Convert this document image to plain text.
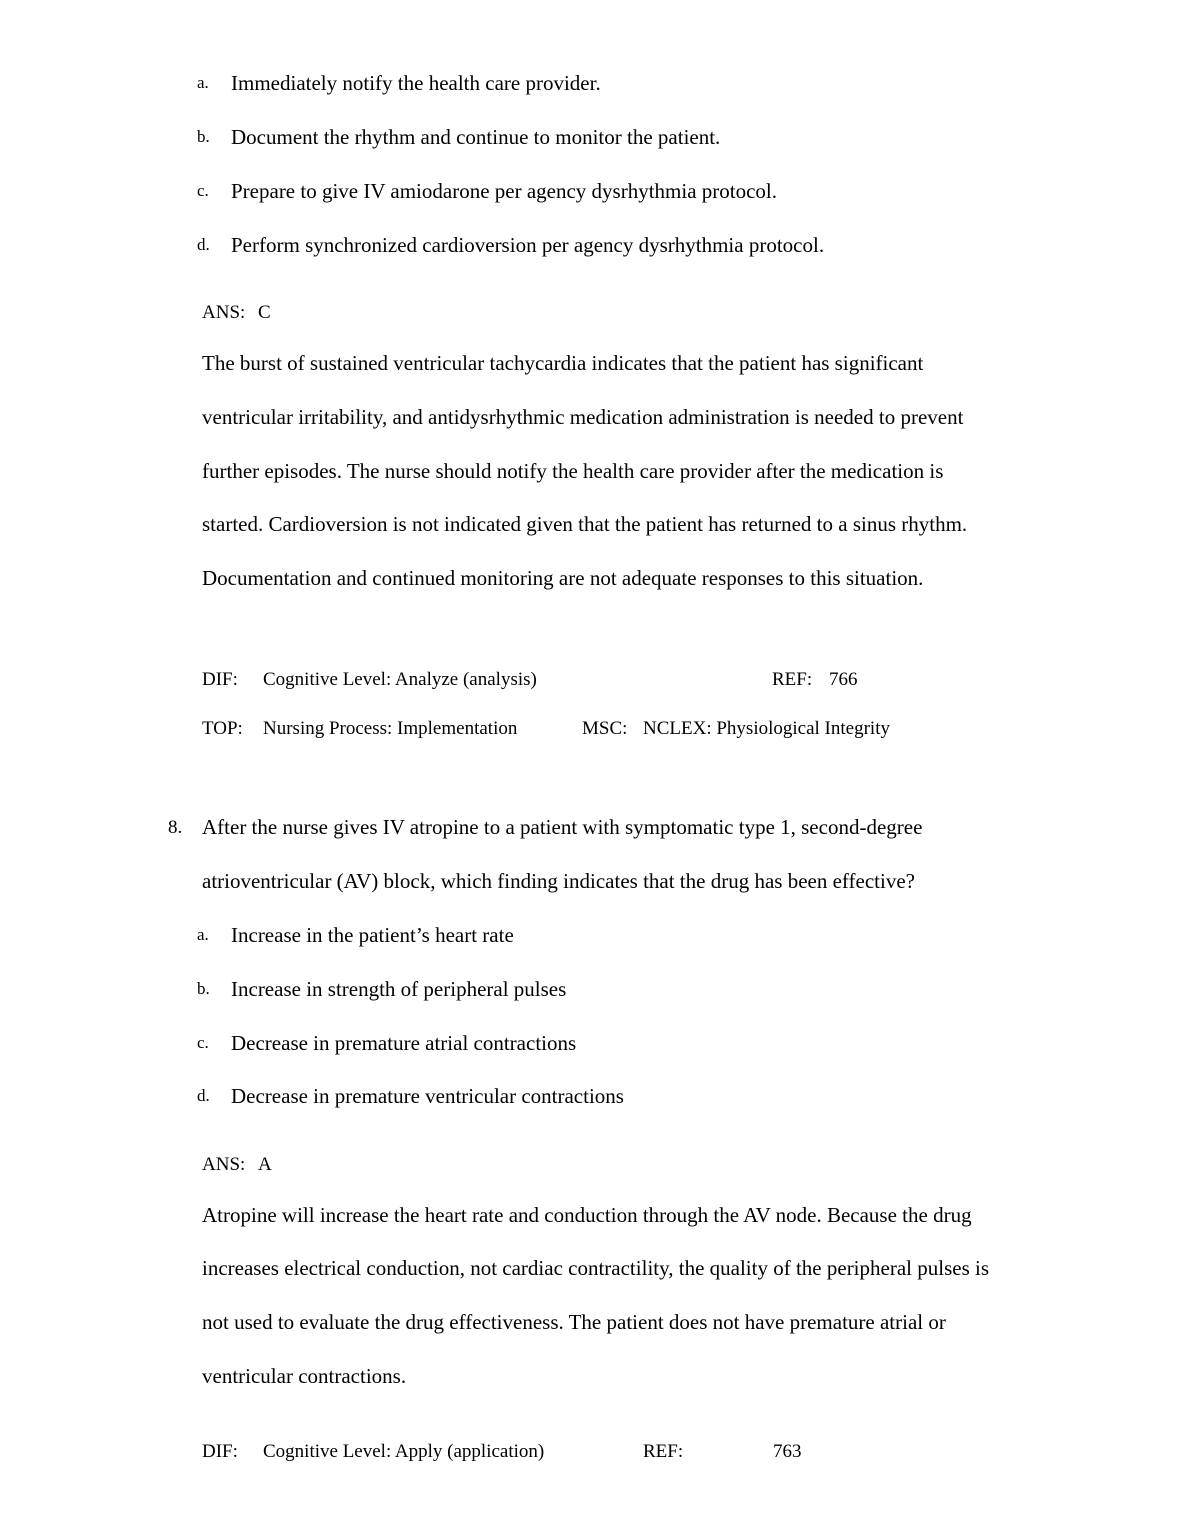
a. Immediately notify the health care provider.
b. Document the rhythm and continue to monitor the patient.
c. Prepare to give IV amiodarone per agency dysrhythmia protocol.
d. Perform synchronized cardioversion per agency dysrhythmia protocol.
ANS: C
The burst of sustained ventricular tachycardia indicates that the patient has significant
ventricular irritability, and antidysrhythmic medication administration is needed to prevent
further episodes. The nurse should notify the health care provider after the medication is
started. Cardioversion is not indicated given that the patient has returned to a sinus rhythm.
Documentation and continued monitoring are not adequate responses to this situation.
DIF: Cognitive Level: Analyze (analysis)	REF: 766
TOP: Nursing Process: Implementation	MSC: NCLEX: Physiological Integrity
8. After the nurse gives IV atropine to a patient with symptomatic type 1, second-degree
atrioventricular (AV) block, which finding indicates that the drug has been effective?
a. Increase in the patient’s heart rate
b. Increase in strength of peripheral pulses
c. Decrease in premature atrial contractions
d. Decrease in premature ventricular contractions
ANS: A
Atropine will increase the heart rate and conduction through the AV node. Because the drug
increases electrical conduction, not cardiac contractility, the quality of the peripheral pulses is
not used to evaluate the drug effectiveness. The patient does not have premature atrial or
ventricular contractions.
DIF: Cognitive Level: Apply (application)	REF:	763
